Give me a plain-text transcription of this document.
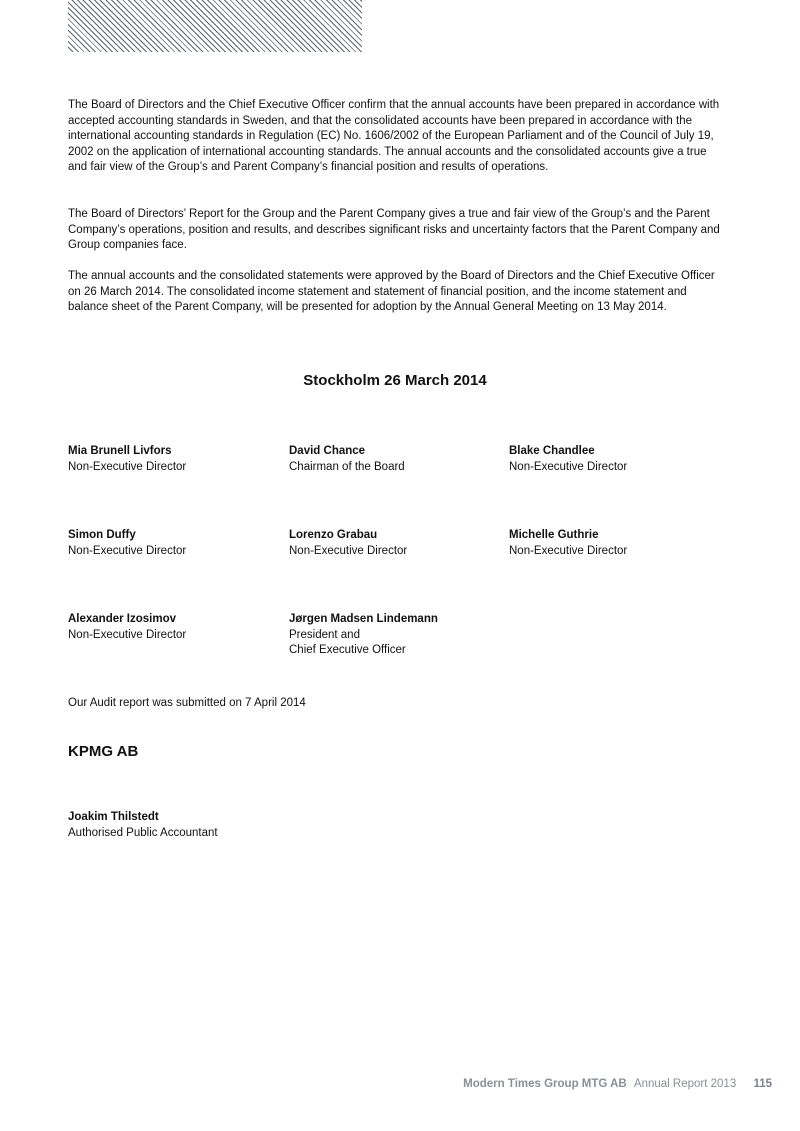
The Board of Directors and the Chief Executive Officer confirm that the annual accounts have been prepared in accordance with accepted accounting standards in Sweden, and that the consolidated accounts have been prepared in accordance with the international accounting standards in Regulation (EC) No. 1606/2002 of the European Parliament and of the Council of July 19, 2002 on the application of international accounting standards. The annual accounts and the consolidated accounts give a true and fair view of the Group’s and Parent Company’s financial position and results of operations.

The Board of Directors’ Report for the Group and the Parent Company gives a true and fair view of the Group’s and the Parent Company’s operations, position and results, and describes significant risks and uncertainty factors that the Parent Company and Group companies face.

The annual accounts and the consolidated statements were approved by the Board of Directors and the Chief Executive Officer on 26 March 2014. The consolidated income statement and statement of financial position, and the income statement and balance sheet of the Parent Company, will be presented for adoption by the Annual General Meeting on 13 May 2014.

Stockholm 26 March 2014
Mia Brunell Livfors
Non-Executive Director
David Chance
Chairman of the Board
Blake Chandlee
Non-Executive Director
Simon Duffy
Non-Executive Director
Lorenzo Grabau
Non-Executive Director
Michelle Guthrie
Non-Executive Director
Alexander Izosimov
Non-Executive Director
Jørgen Madsen Lindemann
President and
Chief Executive Officer

Our Audit report was submitted on 7 April 2014

KPMG AB
Joakim Thilstedt
Authorised Public Accountant
Modern Times Group MTG AB Annual Report 2013 115
